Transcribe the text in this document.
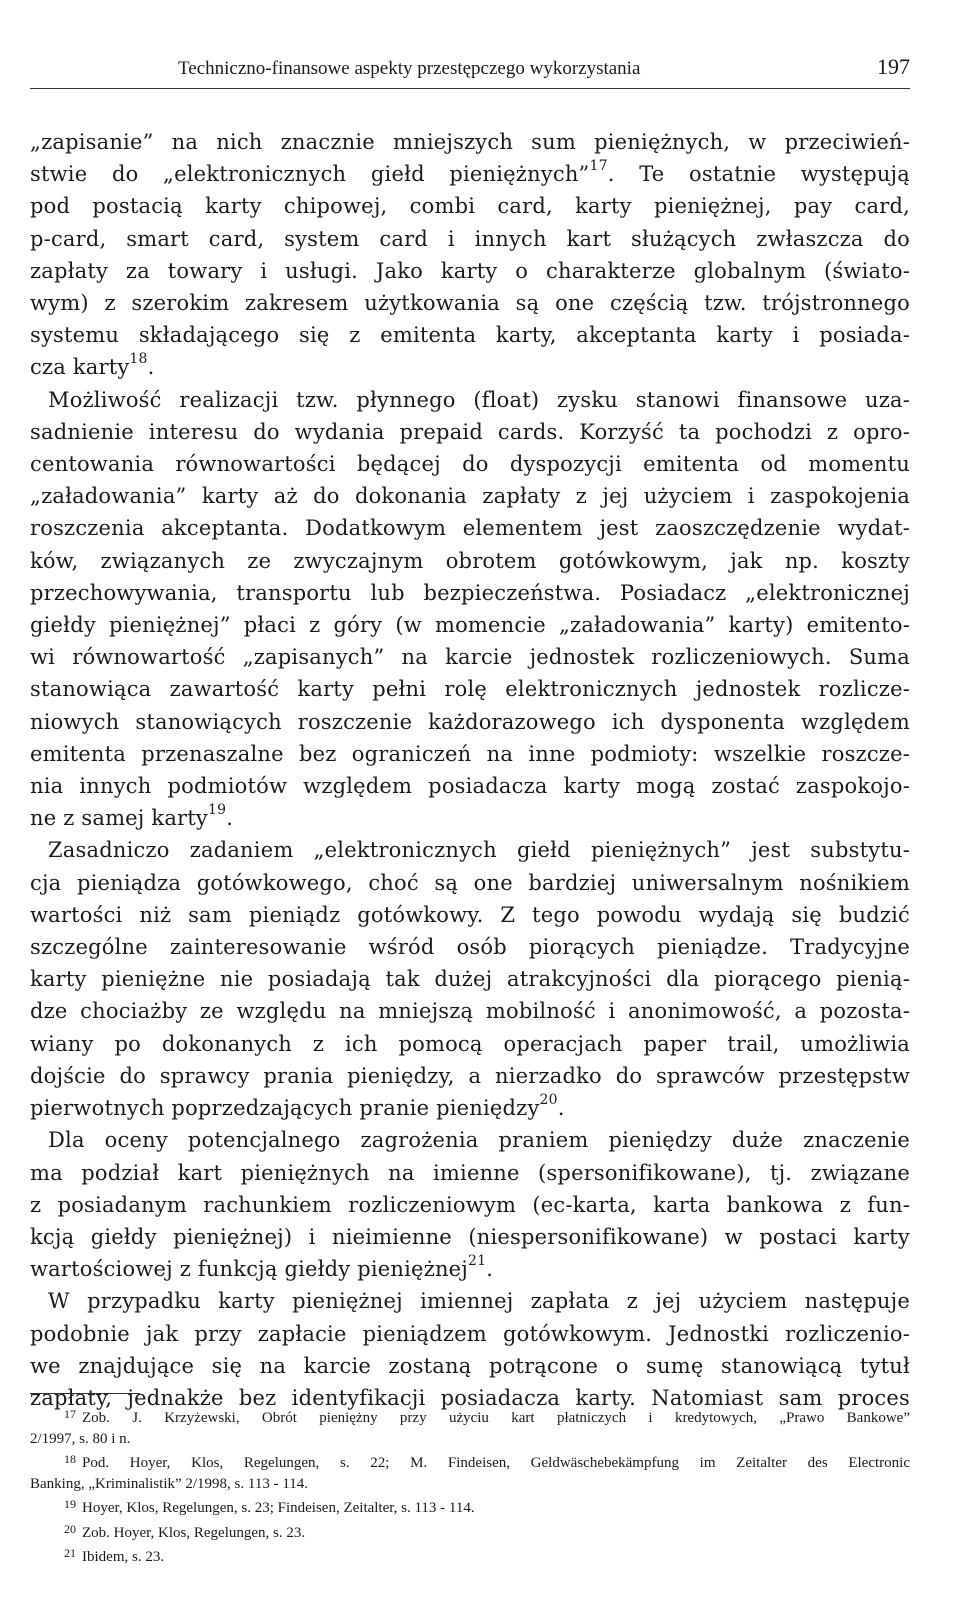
Techniczno-finansowe aspekty przestępczego wykorzystania	197
„zapisanie” na nich znacznie mniejszych sum pieniężnych, w przeciwień-
stwie do „elektronicznych giełd pieniężnych”$^{17}$. Te ostatnie występują
pod postacią karty chipowej, combi card, karty pieniężnej, pay card,
p-card, smart card, system card i innych kart służących zwłaszcza do
zapłaty za towary i usługi. Jako karty o charakterze globalnym (świato-
wym) z szerokim zakresem użytkowania są one częścią tzw. trójstronnego
systemu składającego się z emitenta karty, akceptanta karty i posiada-
cza karty$^{18}$.
Możliwość realizacji tzw. płynnego (float) zysku stanowi finansowe uza-
sadnienie interesu do wydania prepaid cards. Korzyść ta pochodzi z opro-
centowania równowartości będącej do dyspozycji emitenta od momentu
„załadowania” karty aż do dokonania zapłaty z jej użyciem i zaspokojenia
roszczenia akceptanta. Dodatkowym elementem jest zaoszczędzenie wydat-
ków, związanych ze zwyczajnym obrotem gotówkowym, jak np. koszty
przechowywania, transportu lub bezpieczeństwa. Posiadacz „elektronicznej
giełdy pieniężnej” płaci z góry (w momencie „załadowania” karty) emitento-
wi równowartość „zapisanych” na karcie jednostek rozliczeniowych. Suma
stanowiąca zawartość karty pełni rolę elektronicznych jednostek rozlicze-
niowych stanowiących roszczenie każdorazowego ich dysponenta względem
emitenta przenaszalne bez ograniczeń na inne podmioty: wszelkie roszcze-
nia innych podmiotów względem posiadacza karty mogą zostać zaspokojo-
ne z samej karty$^{19}$.
Zasadniczo zadaniem „elektronicznych giełd pieniężnych” jest substytu-
cja pieniądza gotówkowego, choć są one bardziej uniwersalnym nośnikiem
wartości niż sam pieniądz gotówkowy. Z tego powodu wydają się budzić
szczególne zainteresowanie wśród osób piorących pieniądze. Tradycyjne
karty pieniężne nie posiadają tak dużej atrakcyjności dla piorącego pienią-
dze chociażby ze względu na mniejszą mobilność i anonimowość, a pozosta-
wiany po dokonanych z ich pomocą operacjach paper trail, umożliwia
dojście do sprawcy prania pieniędzy, a nierzadko do sprawców przestępstw
pierwotnych poprzedzających pranie pieniędzy$^{20}$.
Dla oceny potencjalnego zagrożenia praniem pieniędzy duże znaczenie
ma podział kart pieniężnych na imienne (spersonifikowane), tj. związane
z posiadanym rachunkiem rozliczeniowym (ec-karta, karta bankowa z fun-
kcją giełdy pieniężnej) i nieimienne (niespersonifikowane) w postaci karty
wartościowej z funkcją giełdy pieniężnej$^{21}$.
W przypadku karty pieniężnej imiennej zapłata z jej użyciem następuje
podobnie jak przy zapłacie pieniądzem gotówkowym. Jednostki rozliczenio-
we znajdujące się na karcie zostaną potrącone o sumę stanowiącą tytuł
zapłaty, jednakże bez identyfikacji posiadacza karty. Natomiast sam proces
$^{17}$ Zob. J. Krzyżewski, Obrót pieniężny przy użyciu kart płatniczych i kredytowych, „Prawo Bankowe”
2/1997, s. 80 i n.
$^{18}$ Pod. Hoyer, Klos, Regelungen, s. 22; M. Findeisen, Geldwäschebekämpfung im Zeitalter des Electronic
Banking, „Kriminalistik” 2/1998, s. 113 - 114.
$^{19}$ Hoyer, Klos, Regelungen, s. 23; Findeisen, Zeitalter, s. 113 - 114.
$^{20}$ Zob. Hoyer, Klos, Regelungen, s. 23.
$^{21}$ Ibidem, s. 23.
